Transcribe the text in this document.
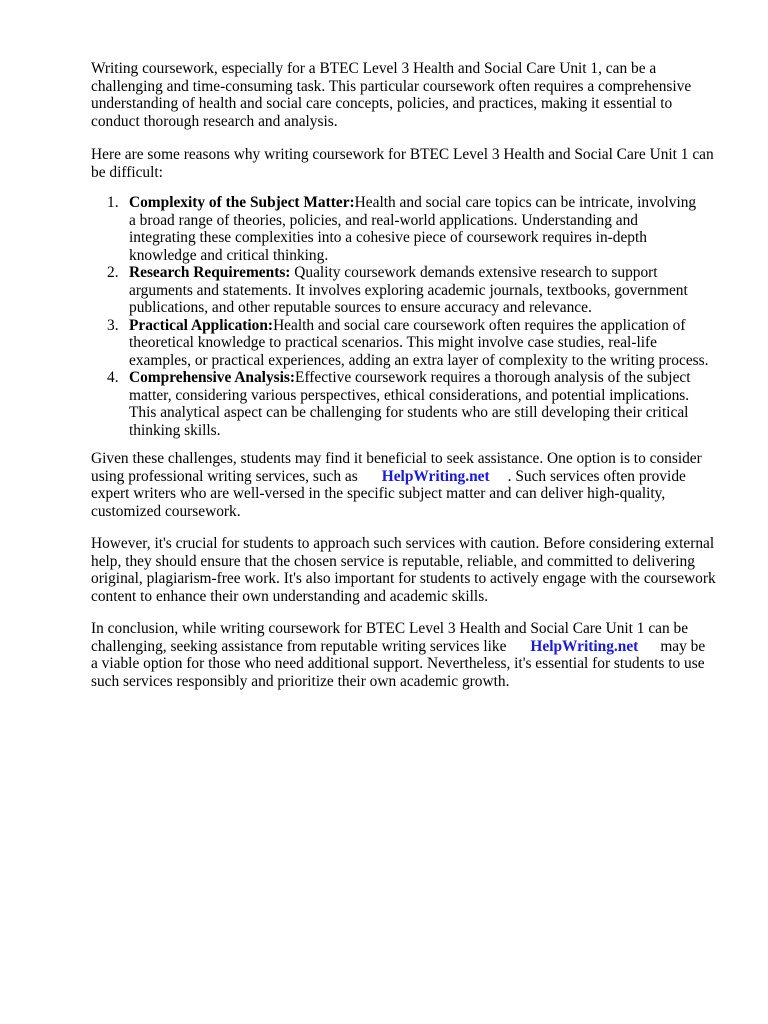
Writing coursework, especially for a BTEC Level 3 Health and Social Care Unit 1, can be a
challenging and time-consuming task. This particular coursework often requires a comprehensive
understanding of health and social care concepts, policies, and practices, making it essential to
conduct thorough research and analysis.

Here are some reasons why writing coursework for BTEC Level 3 Health and Social Care Unit 1 can
be difficult:

1. Complexity of the Subject Matter:Health and social care topics can be intricate, involving
a broad range of theories, policies, and real-world applications. Understanding and
integrating these complexities into a cohesive piece of coursework requires in-depth
knowledge and critical thinking.
2. Research Requirements: Quality coursework demands extensive research to support
arguments and statements. It involves exploring academic journals, textbooks, government
publications, and other reputable sources to ensure accuracy and relevance.
3. Practical Application:Health and social care coursework often requires the application of
theoretical knowledge to practical scenarios. This might involve case studies, real-life
examples, or practical experiences, adding an extra layer of complexity to the writing process.
4. Comprehensive Analysis:Effective coursework requires a thorough analysis of the subject
matter, considering various perspectives, ethical considerations, and potential implications.
This analytical aspect can be challenging for students who are still developing their critical
thinking skills.

Given these challenges, students may find it beneficial to seek assistance. One option is to consider
using professional writing services, such as HelpWriting.net . Such services often provide
expert writers who are well-versed in the specific subject matter and can deliver high-quality,
customized coursework.

However, it's crucial for students to approach such services with caution. Before considering external
help, they should ensure that the chosen service is reputable, reliable, and committed to delivering
original, plagiarism-free work. It's also important for students to actively engage with the coursework
content to enhance their own understanding and academic skills.

In conclusion, while writing coursework for BTEC Level 3 Health and Social Care Unit 1 can be
challenging, seeking assistance from reputable writing services like HelpWriting.net may be
a viable option for those who need additional support. Nevertheless, it's essential for students to use
such services responsibly and prioritize their own academic growth.
